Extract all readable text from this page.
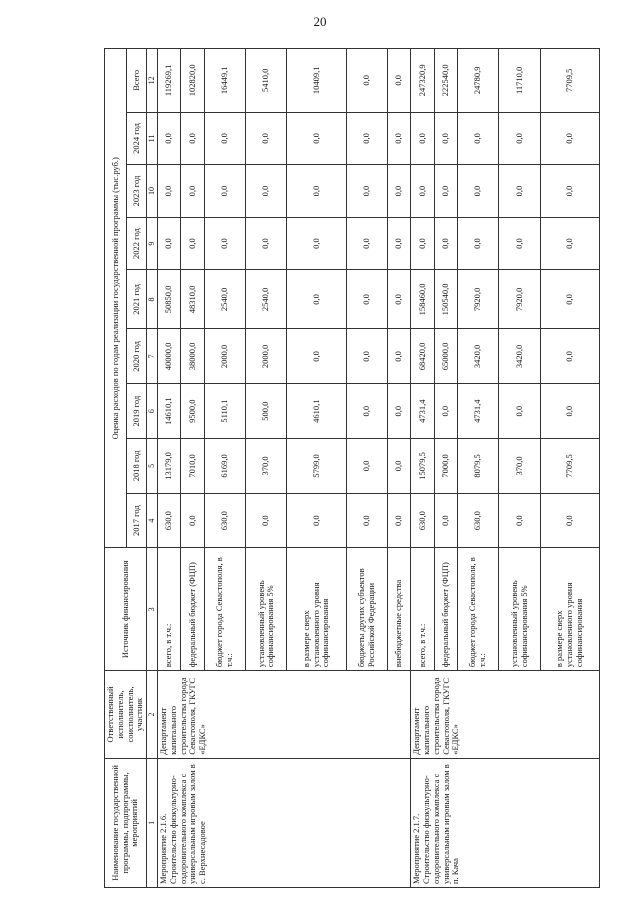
20
Наименование государственной программы, подпрограммы, мероприятий	Ответственный исполнитель, соисполнитель, участник	Источник финансирования	Оценка расходов по годам реализации государственной программы (тыс.руб.)								
			2017 год	2018 год	2019 год	2020 год	2021 год	2022 год	2023 год	2024 год	Всего
1	2	3	4	5	6	7	8	9	10	11	12
Мероприятие 2.1.6. Строительство физкультурно-оздоровительного комплекса с универсальным игровым залом в с. Верхнесадовое	Департамент капитального строительства города Севастополя, ГКУГС «ЕДКС»	всего, в т.ч.:	630,0	13179,0	14610,1	40000,0	50850,0	0,0	0,0	0,0	119269,1
		федеральный бюджет (ФЦП)	0,0	7010,0	9500,0	38000,0	48310,0	0,0	0,0	0,0	102820,0
		бюджет города Севастополя, в т.ч.:	630,0	6169,0	5110,1	2000,0	2540,0	0,0	0,0	0,0	16449,1
		установленный уровень софинансирования 5%	0,0	370,0	500,0	2000,0	2540,0	0,0	0,0	0,0	5410,0
		в размере сверх установленного уровня софинансирования	0,0	5799,0	4610,1	0,0	0,0	0,0	0,0	0,0	10409,1
		бюджеты других субъектов Российской Федерации	0,0	0,0	0,0	0,0	0,0	0,0	0,0	0,0	0,0
		внебюджетные средства	0,0	0,0	0,0	0,0	0,0	0,0	0,0	0,0	0,0
Мероприятие 2.1.7. Строительство физкультурно-оздоровительного комплекса с универсальным игровым залом в п. Кача	Департамент капитального строительства города Севастополя, ГКУГС «ЕДКС»	всего, в т.ч.:	630,0	15079,5	4731,4	68420,0	158460,0	0,0	0,0	0,0	247320,9
		федеральный бюджет (ФЦП)	0,0	7000,0	0,0	65000,0	150540,0	0,0	0,0	0,0	222540,0
		бюджет города Севастополя, в т.ч.:	630,0	8079,5	4731,4	3420,0	7920,0	0,0	0,0	0,0	24780,9
		установленный уровень софинансирования 5%	0,0	370,0	0,0	3420,0	7920,0	0,0	0,0	0,0	11710,0
		в размере сверх установленного уровня софинансирования	0,0	7709,5	0,0	0,0	0,0	0,0	0,0	0,0	7709,5
